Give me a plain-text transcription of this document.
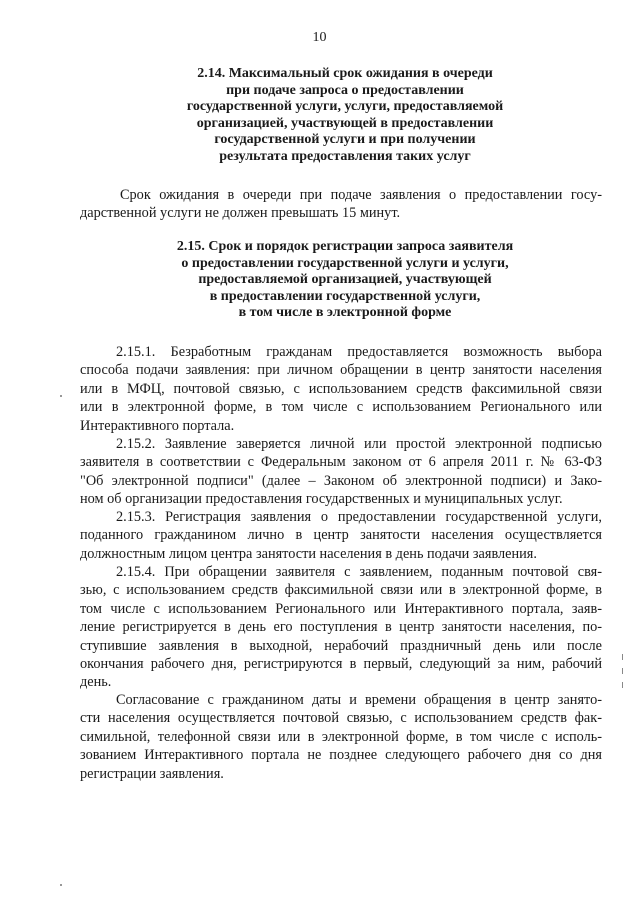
10
2.14. Максимальный срок ожидания в очереди
при подаче запроса о предоставлении
государственной услуги, услуги, предоставляемой
организацией, участвующей в предоставлении
государственной услуги и при получении
результата предоставления таких услуг
Срок ожидания в очереди при подаче заявления о предоставлении госу-
дарственной услуги не должен превышать 15 минут.
2.15. Срок и порядок регистрации запроса заявителя
о предоставлении государственной услуги и услуги,
предоставляемой организацией, участвующей
в предоставлении государственной услуги,
в том числе в электронной форме
2.15.1. Безработным гражданам предоставляется возможность выбора
способа подачи заявления: при личном обращении в центр занятости населения
или в МФЦ, почтовой связью, с использованием средств факсимильной связи
или в электронной форме, в том числе с использованием Регионального или
Интерактивного портала.
2.15.2. Заявление заверяется личной или простой электронной подписью
заявителя в соответствии с Федеральным законом от 6 апреля 2011 г. № 63-ФЗ
"Об электронной подписи" (далее – Законом об электронной подписи) и Зако-
ном об организации предоставления государственных и муниципальных услуг.
2.15.3. Регистрация заявления о предоставлении государственной услуги,
поданного гражданином лично в центр занятости населения осуществляется
должностным лицом центра занятости населения в день подачи заявления.
2.15.4. При обращении заявителя с заявлением, поданным почтовой свя-
зью, с использованием средств факсимильной связи или в электронной форме, в
том числе с использованием Регионального или Интерактивного портала, заяв-
ление регистрируется в день его поступления в центр занятости населения, по-
ступившие заявления в выходной, нерабочий праздничный день или после
окончания рабочего дня, регистрируются в первый, следующий за ним, рабочий
день.
Согласование с гражданином даты и времени обращения в центр занято-
сти населения осуществляется почтовой связью, с использованием средств фак-
симильной, телефонной связи или в электронной форме, в том числе с исполь-
зованием Интерактивного портала не позднее следующего рабочего дня со дня
регистрации заявления.
